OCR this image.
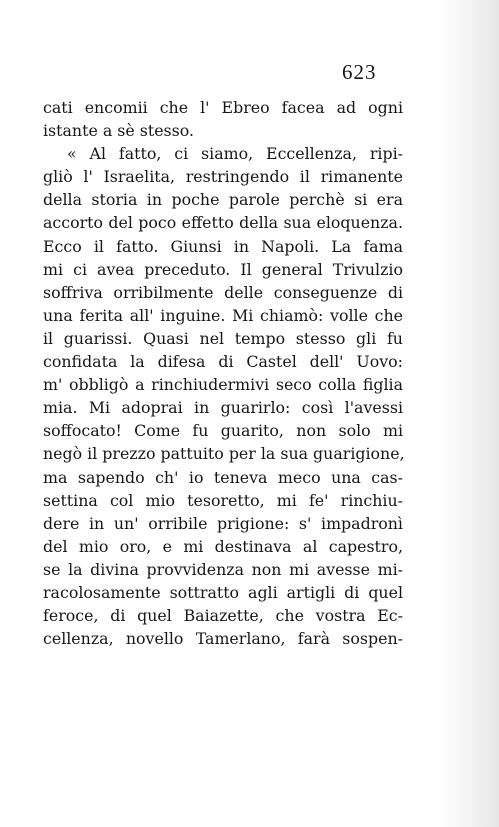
623
cati encomii che l' Ebreo facea ad ogni
istante a sè stesso.
« Al fatto, ci siamo, Eccellenza, ripi-
gliò l' Israelita, restringendo il rimanente
della storia in poche parole perchè si era
accorto del poco effetto della sua eloquenza.
Ecco il fatto. Giunsi in Napoli. La fama
mi ci avea preceduto. Il general Trivulzio
soffriva orribilmente delle conseguenze di
una ferita all' inguine. Mi chiamò: volle che
il guarissi. Quasi nel tempo stesso gli fu
confidata la difesa di Castel dell' Uovo:
m' obbligò a rinchiudermivi seco colla figlia
mia. Mi adoprai in guarirlo: così l'avessi
soffocato! Come fu guarito, non solo mi
negò il prezzo pattuito per la sua guarigione,
ma sapendo ch' io teneva meco una cas-
settina col mio tesoretto, mi fe' rinchiu-
dere in un' orribile prigione: s' impadronì
del mio oro, e mi destinava al capestro,
se la divina provvidenza non mi avesse mi-
racolosamente sottratto agli artigli di quel
feroce, di quel Baiazette, che vostra Ec-
cellenza, novello Tamerlano, farà sospen-
